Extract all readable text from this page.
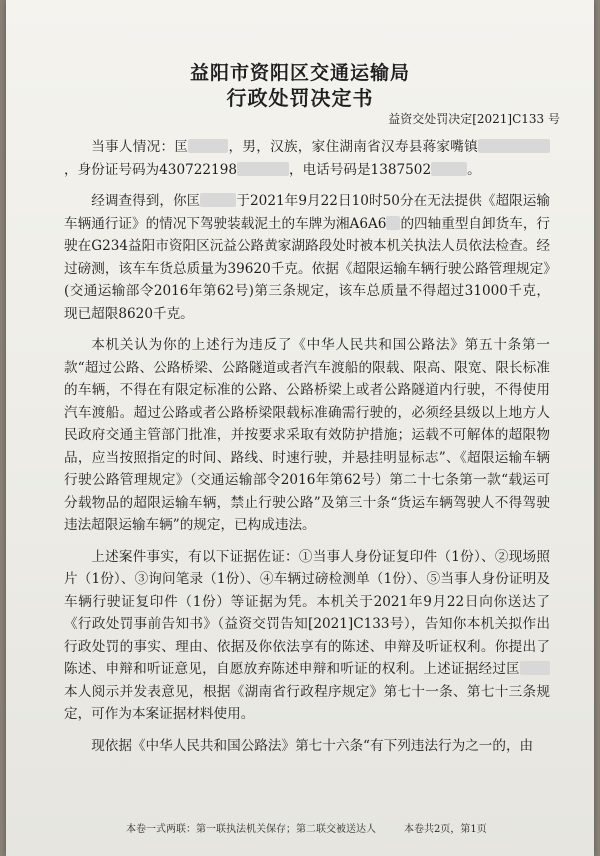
益阳市资阳区交通运输局
行政处罚决定书
益资交处罚决定[2021]C133 号

当事人情况：匡	，男，汉族，家住湖南省汉寿县蒋家嘴镇，身份证号码为430722198	，电话号码是1387502	。

经调查得到，你匡	于2021年9月22日10时50分在无法提供《超限运输车辆通行证》的情况下驾驶装载泥土的车牌为湘A6A6 的四轴重型自卸货车，行驶在G234益阳市资阳区沅益公路黄家湖路段处时被本机关执法人员依法检查。经过磅测，该车车货总质量为39620千克。依据《超限运输车辆行驶公路管理规定》(交通运输部令2016年第62号)第三条规定，该车总质量不得超过31000千克，现已超限8620千克。

本机关认为你的上述行为违反了《中华人民共和国公路法》第五十条第一款“超过公路、公路桥梁、公路隧道或者汽车渡船的限载、限高、限宽、限长标准的车辆，不得在有限定标准的公路、公路桥梁上或者公路隧道内行驶，不得使用汽车渡船。超过公路或者公路桥梁限载标准确需行驶的，必须经县级以上地方人民政府交通主管部门批准，并按要求采取有效防护措施；运载不可解体的超限物品，应当按照指定的时间、路线、时速行驶，并悬挂明显标志”、《超限运输车辆行驶公路管理规定》（交通运输部令2016年第62号）第二十七条第一款“载运可分载物品的超限运输车辆，禁止行驶公路”及第三十条“货运车辆驾驶人不得驾驶违法超限运输车辆”的规定，已构成违法。

上述案件事实，有以下证据佐证：①当事人身份证复印件（1份）、②现场照片（1份）、③询问笔录（1份）、④车辆过磅检测单（1份）、⑤当事人身份证明及车辆行驶证复印件（1份）等证据为凭。本机关于2021年9月22日向你送达了《行政处罚事前告知书》（益资交罚告知[2021]C133号），告知你本机关拟作出行政处罚的事实、理由、依据及你依法享有的陈述、申辩及听证权利。你提出了陈述、申辩和听证意见，自愿放弃陈述申辩和听证的权利。上述证据经过匡本人阅示并发表意见，根据《湖南省行政程序规定》第七十一条、第七十三条规定，可作为本案证据材料使用。

现依据《中华人民共和国公路法》第七十六条“有下列违法行为之一的，由

本卷一式两联：第一联执法机关保存；第二联交被送达人	本卷共2页，第1页
